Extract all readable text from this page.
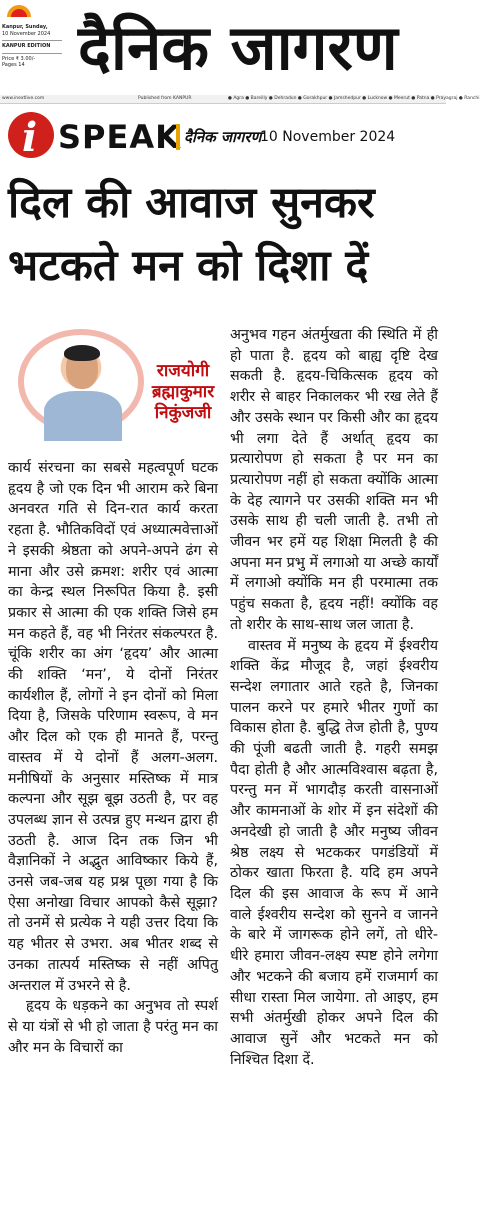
Kanpur, Sunday,
10 November 2024
KANPUR EDITION
Price ₹ 3.00/-
Pages 14 दैनिक जागरण
www.inextlive.com	Published from KANPUR	● Agra ● Bareilly ● Dehradun ● Gorakhpur ● Jamshedpur ● Lucknow ● Meerut ● Patna ● Prayagraj ● Ranchi
i SPEAK दैनिक जागरण
10 November 2024
दिल की आवाज सुनकर
भटकते मन को दिशा दें
राजयोगी
ब्रह्माकुमार
निकुंजजी

कार्य संरचना का सबसे महत्वपूर्ण घटक हृदय है जो एक दिन भी आराम करे बिना अनवरत गति से दिन-रात कार्य करता रहता है. भौतिकविदों एवं अध्यात्मवेत्ताओं ने इसकी श्रेष्ठता को अपने-अपने ढंग से माना और उसे क्रमश: शरीर एवं आत्मा का केन्द्र स्थल निरूपित किया है. इसी प्रकार से आत्मा की एक शक्ति जिसे हम मन कहते हैं, वह भी निरंतर संकल्परत है. चूंकि शरीर का अंग ‘हृदय’ और आत्मा की शक्ति ‘मन’, ये दोनों निरंतर कार्यशील हैं, लोगों ने इन दोनों को मिला दिया है, जिसके परिणाम स्वरूप, वे मन और दिल को एक ही मानते हैं, परन्तु वास्तव में ये दोनों हैं अलग-अलग. मनीषियों के अनुसार मस्तिष्क में मात्र कल्पना और सूझ बूझ उठती है, पर वह उपलब्ध ज्ञान से उत्पन्न हुए मन्थन द्वारा ही उठती है. आज दिन तक जिन भी वैज्ञानिकों ने अद्भुत आविष्कार किये हैं, उनसे जब-जब यह प्रश्न पूछा गया है कि ऐसा अनोखा विचार आपको कैसे सूझा? तो उनमें से प्रत्येक ने यही उत्तर दिया कि यह भीतर से उभरा. अब भीतर शब्द से उनका तात्पर्य मस्तिष्क से नहीं अपितु अन्तराल में उभरने से है.

हृदय के धड़कने का अनुभव तो स्पर्श से या यंत्रों से भी हो जाता है परंतु मन का और मन के विचारों का

अनुभव गहन अंतर्मुखता की स्थिति में ही हो पाता है. हृदय को बाह्य दृष्टि देख सकती है. हृदय-चिकित्सक हृदय को शरीर से बाहर निकालकर भी रख लेते हैं और उसके स्थान पर किसी और का हृदय भी लगा देते हैं अर्थात् हृदय का प्रत्यारोपण हो सकता है पर मन का प्रत्यारोपण नहीं हो सकता क्योंकि आत्मा के देह त्यागने पर उसकी शक्ति मन भी उसके साथ ही चली जाती है. तभी तो जीवन भर हमें यह शिक्षा मिलती है की अपना मन प्रभु में लगाओ या अच्छे कार्यों में लगाओ क्योंकि मन ही परमात्मा तक पहुंच सकता है, हृदय नहीं! क्योंकि वह तो शरीर के साथ-साथ जल जाता है.

वास्तव में मनुष्य के हृदय में ईश्वरीय शक्ति केंद्र मौजूद है, जहां ईश्वरीय सन्देश लगातार आते रहते है, जिनका पालन करने पर हमारे भीतर गुणों का विकास होता है. बुद्धि तेज होती है, पुण्य की पूंजी बढती जाती है. गहरी समझ पैदा होती है और आत्मविश्वास बढ़ता है, परन्तु मन में भागदौड़ करती वासनाओं और कामनाओं के शोर में इन संदेशों की अनदेखी हो जाती है और मनुष्य जीवन श्रेष्ठ लक्ष्य से भटककर पगडंडियों में ठोकर खाता फिरता है. यदि हम अपने दिल की इस आवाज के रूप में आने वाले ईश्वरीय सन्देश को सुनने व जानने के बारे में जागरूक होने लगें, तो धीरे-धीरे हमारा जीवन-लक्ष्य स्पष्ट होने लगेगा और भटकने की बजाय हमें राजमार्ग का सीधा रास्ता मिल जायेगा. तो आइए, हम सभी अंतर्मुखी होकर अपने दिल की आवाज सुनें और भटकते मन को निश्चित दिशा दें.
